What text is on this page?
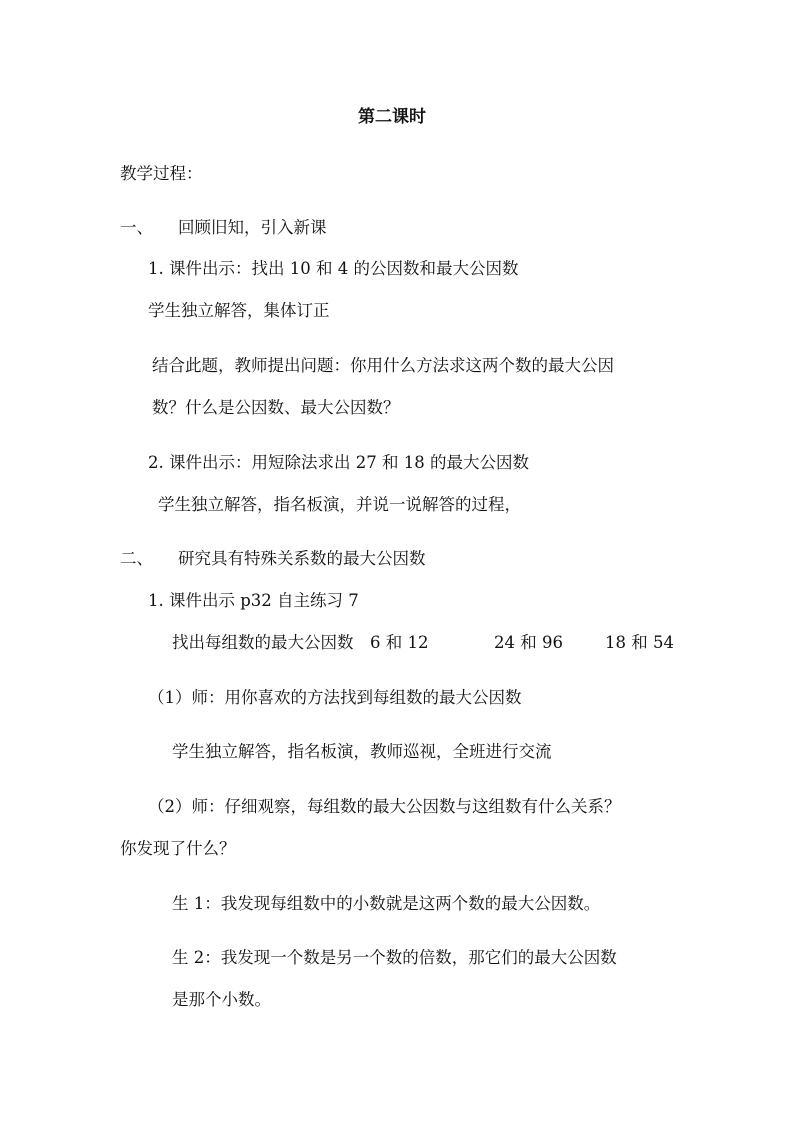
第二课时
教学过程：
一、 回顾旧知，引入新课
1. 课件出示：找出 10 和 4 的公因数和最大公因数
学生独立解答，集体订正
结合此题，教师提出问题：你用什么方法求这两个数的最大公因
数？什么是公因数、最大公因数？
2. 课件出示：用短除法求出 27 和 18 的最大公因数
学生独立解答，指名板演，并说一说解答的过程，
二、 研究具有特殊关系数的最大公因数
1. 课件出示 p32 自主练习 7
找出每组数的最大公因数 6 和 12	24 和 96	18 和 54
（1）师：用你喜欢的方法找到每组数的最大公因数
学生独立解答，指名板演，教师巡视，全班进行交流
（2）师：仔细观察，每组数的最大公因数与这组数有什么关系？
你发现了什么？
生 1：我发现每组数中的小数就是这两个数的最大公因数。
生 2：我发现一个数是另一个数的倍数，那它们的最大公因数
是那个小数。
